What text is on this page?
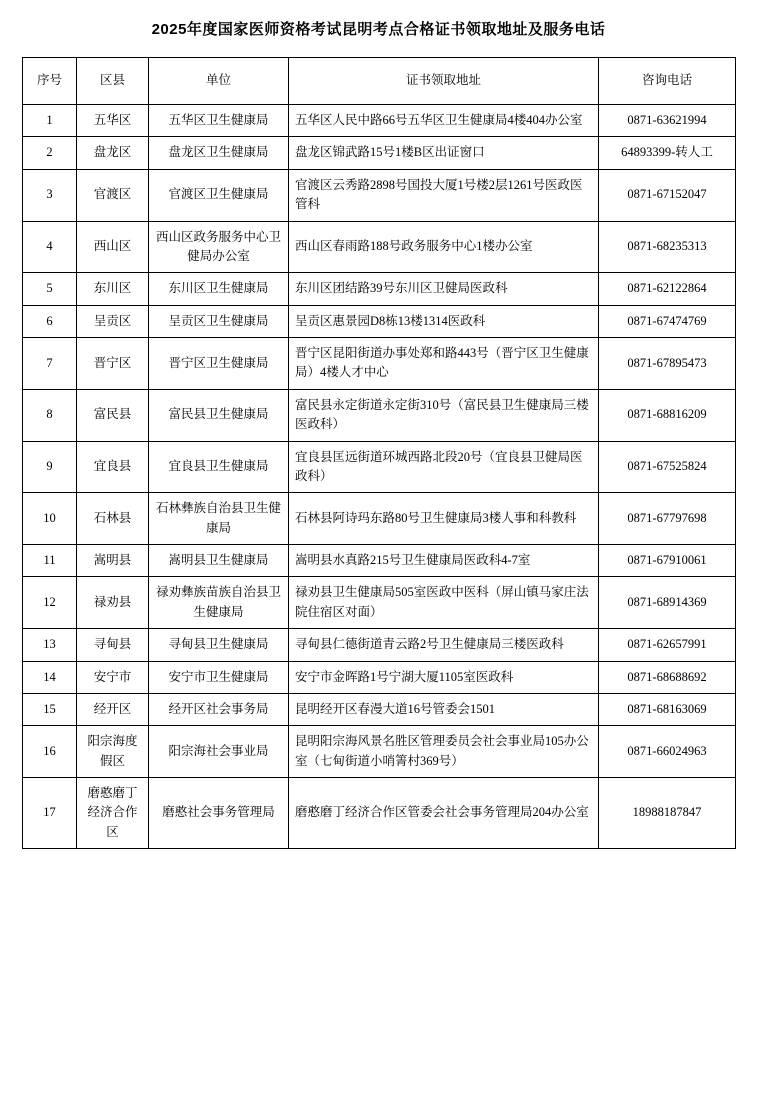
2025年度国家医师资格考试昆明考点合格证书领取地址及服务电话
序号	区县	单位	证书领取地址	咨询电话
1	五华区	五华区卫生健康局	五华区人民中路66号五华区卫生健康局4楼404办公室	0871-63621994
2	盘龙区	盘龙区卫生健康局	盘龙区锦武路15号1楼B区出证窗口	64893399-转人工
3	官渡区	官渡区卫生健康局	官渡区云秀路2898号国投大厦1号楼2层1261号医政医管科	0871-67152047
4	西山区	西山区政务服务中心卫健局办公室	西山区春雨路188号政务服务中心1楼办公室	0871-68235313
5	东川区	东川区卫生健康局	东川区团结路39号东川区卫健局医政科	0871-62122864
6	呈贡区	呈贡区卫生健康局	呈贡区惠景园D8栋13楼1314医政科	0871-67474769
7	晋宁区	晋宁区卫生健康局	晋宁区昆阳街道办事处郑和路443号（晋宁区卫生健康局）4楼人才中心	0871-67895473
8	富民县	富民县卫生健康局	富民县永定街道永定街310号（富民县卫生健康局三楼医政科）	0871-68816209
9	宜良县	宜良县卫生健康局	宜良县匡远街道环城西路北段20号（宜良县卫健局医政科）	0871-67525824
10	石林县	石林彝族自治县卫生健康局	石林县阿诗玛东路80号卫生健康局3楼人事和科教科	0871-67797698
11	嵩明县	嵩明县卫生健康局	嵩明县水真路215号卫生健康局医政科4-7室	0871-67910061
12	禄劝县	禄劝彝族苗族自治县卫生健康局	禄劝县卫生健康局505室医政中医科（屏山镇马家庄法院住宿区对面）	0871-68914369
13	寻甸县	寻甸县卫生健康局	寻甸县仁德街道青云路2号卫生健康局三楼医政科	0871-62657991
14	安宁市	安宁市卫生健康局	安宁市金晖路1号宁湖大厦1105室医政科	0871-68688692
15	经开区	经开区社会事务局	昆明经开区春漫大道16号管委会1501	0871-68163069
16	阳宗海度假区	阳宗海社会事业局	昆明阳宗海风景名胜区管理委员会社会事业局105办公室（七甸街道小哨箐村369号）	0871-66024963
17	磨憨磨丁经济合作区	磨憨社会事务管理局	磨憨磨丁经济合作区管委会社会事务管理局204办公室	18988187847
